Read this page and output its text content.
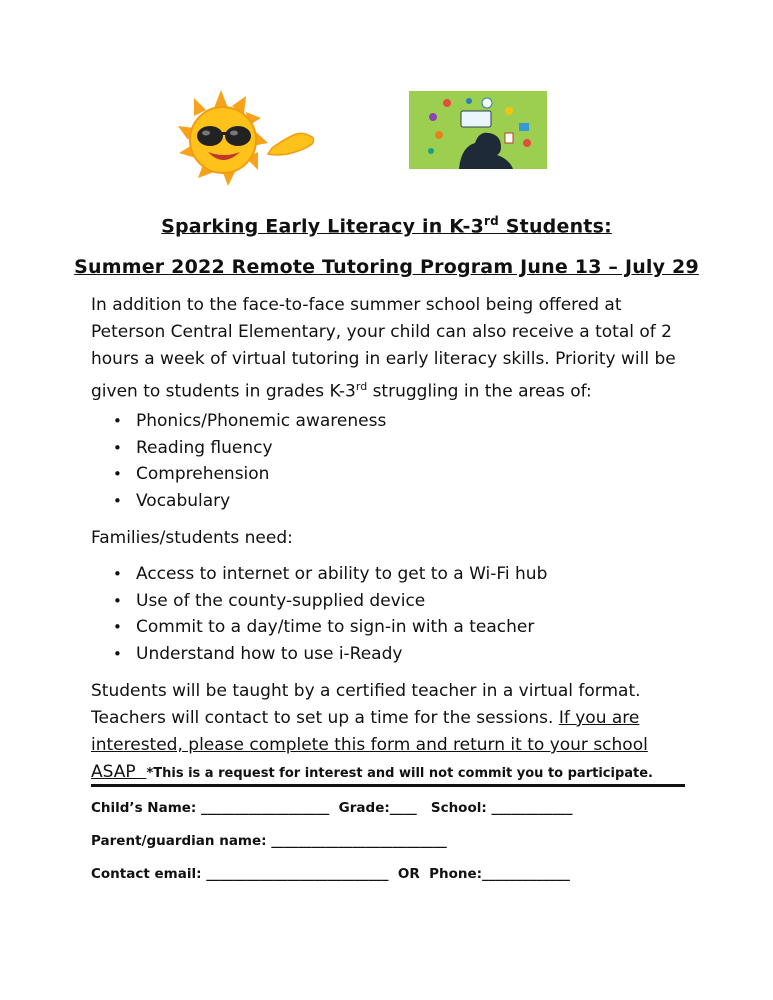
Sparking Early Literacy in K-3rd Students:
Summer 2022 Remote Tutoring Program June 13 – July 29
In addition to the face-to-face summer school being offered at
Peterson Central Elementary, your child can also receive a total of 2
hours a week of virtual tutoring in early literacy skills. Priority will be
given to students in grades K-3rd struggling in the areas of:
• Phonics/Phonemic awareness
• Reading fluency
• Comprehension
• Vocabulary
Families/students need:
• Access to internet or ability to get to a Wi-Fi hub
• Use of the county-supplied device
• Commit to a day/time to sign-in with a teacher
• Understand how to use i-Ready
Students will be taught by a certified teacher in a virtual format.
Teachers will contact to set up a time for the sessions. If you are
interested, please complete this form and return it to your school
ASAP  *This is a request for interest and will not commit you to participate.
Child’s Name: ___________________  Grade:____   School: ____________
Parent/guardian name: __________________________
Contact email: ___________________________  OR  Phone:_____________
